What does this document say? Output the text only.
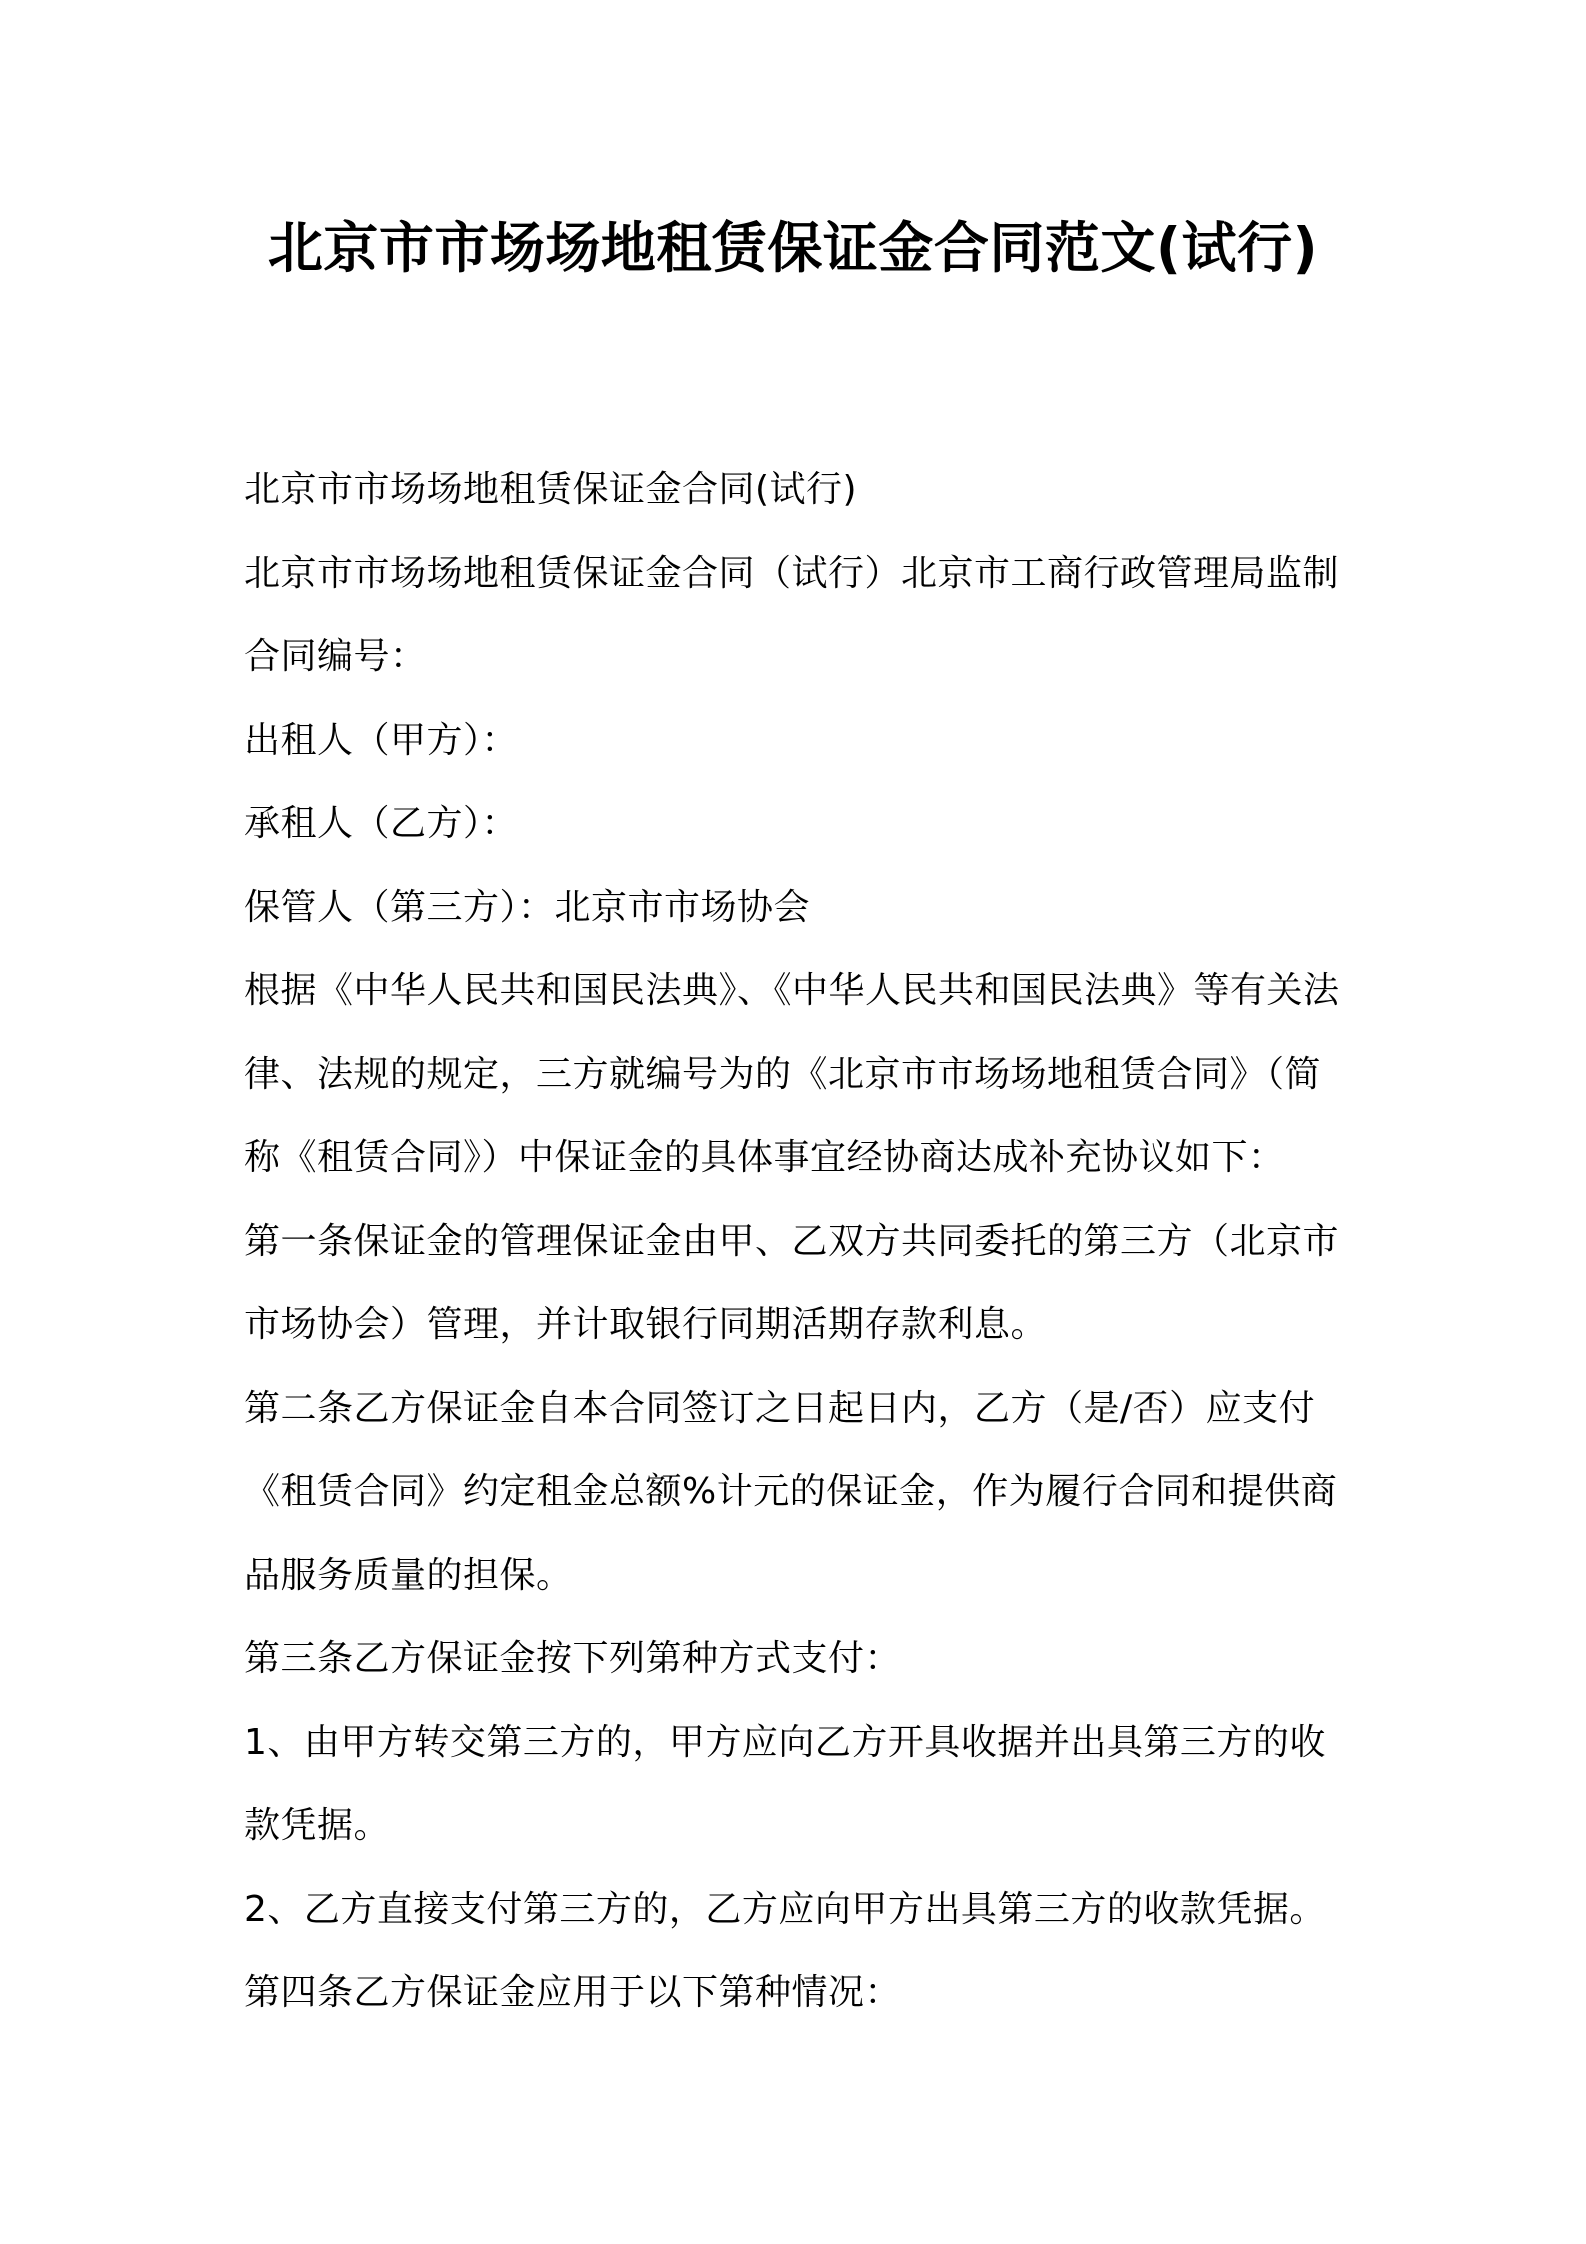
北京市市场场地租赁保证金合同范文(试行)
北京市市场场地租赁保证金合同(试行)
北京市市场场地租赁保证金合同（试行）北京市工商行政管理局监制
合同编号：
出租人（甲方）：
承租人（乙方）：
保管人（第三方）：北京市市场协会
根据《中华人民共和国民法典》、《中华人民共和国民法典》等有关法
律、法规的规定，三方就编号为的《北京市市场场地租赁合同》（简
称《租赁合同》）中保证金的具体事宜经协商达成补充协议如下：
第一条保证金的管理保证金由甲、乙双方共同委托的第三方（北京市
市场协会）管理，并计取银行同期活期存款利息。
第二条乙方保证金自本合同签订之日起日内，乙方（是/否）应支付
《租赁合同》约定租金总额%计元的保证金，作为履行合同和提供商
品服务质量的担保。
第三条乙方保证金按下列第种方式支付：
1、由甲方转交第三方的，甲方应向乙方开具收据并出具第三方的收
款凭据。
2、乙方直接支付第三方的，乙方应向甲方出具第三方的收款凭据。
第四条乙方保证金应用于以下第种情况：
